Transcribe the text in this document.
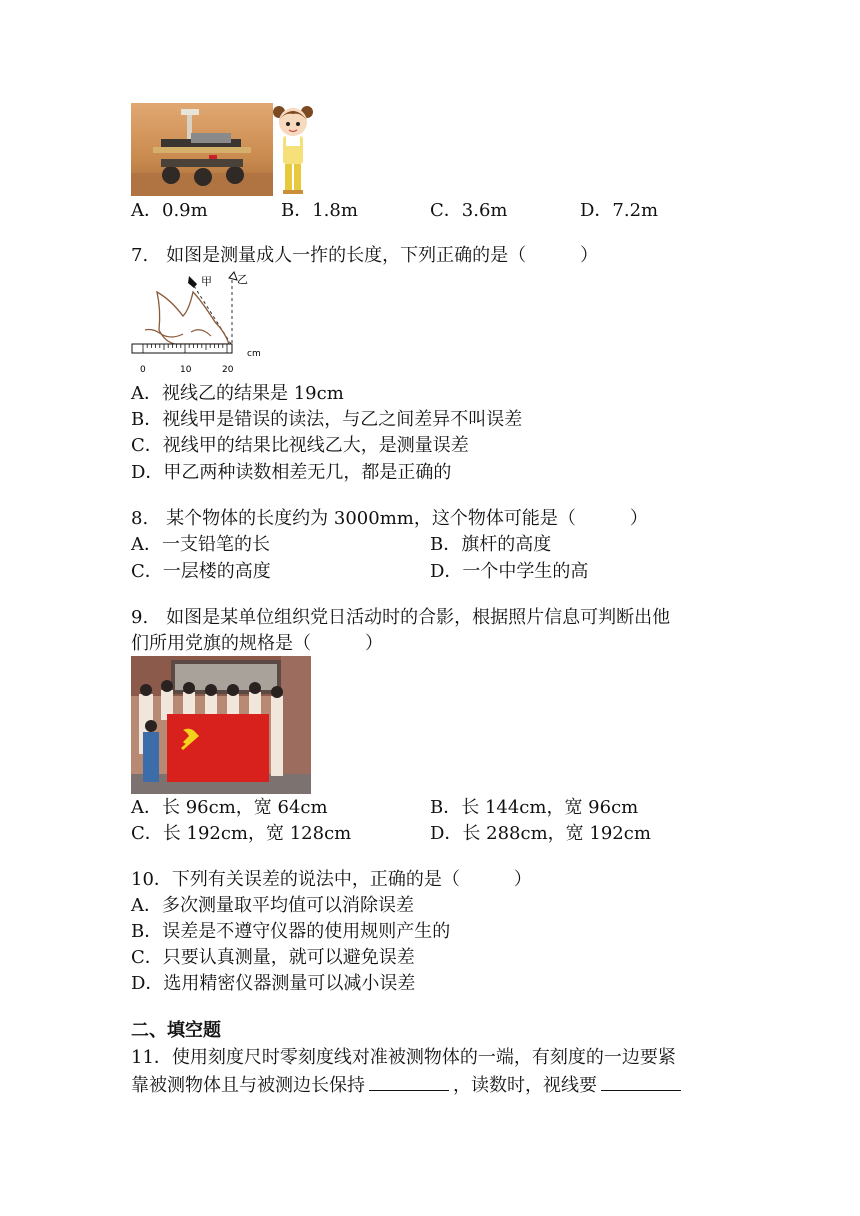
A．0.9m	B．1.8m	C．3.6m	D．7.2m
7.　如图是测量成人一拃的长度，下列正确的是（　　　）
甲 乙
cm
0	10	20
A．视线乙的结果是 19cm
B．视线甲是错误的读法，与乙之间差异不叫误差
C．视线甲的结果比视线乙大，是测量误差
D．甲乙两种读数相差无几，都是正确的
8.　某个物体的长度约为 3000mm，这个物体可能是（　　　）
A．一支铅笔的长	B．旗杆的高度
C．一层楼的高度	D．一个中学生的高
9.　如图是某单位组织党日活动时的合影，根据照片信息可判断出他
们所用党旗的规格是（　　　）
A．长 96cm，宽 64cm	B．长 144cm，宽 96cm
C．长 192cm，宽 128cm	D．长 288cm，宽 192cm
10．下列有关误差的说法中，正确的是（　　　）
A．多次测量取平均值可以消除误差
B．误差是不遵守仪器的使用规则产生的
C．只要认真测量，就可以避免误差
D．选用精密仪器测量可以减小误差
二、填空题
11．使用刻度尺时零刻度线对准被测物体的一端，有刻度的一边要紧
靠被测物体且与被测边长保持	，读数时，视线要
